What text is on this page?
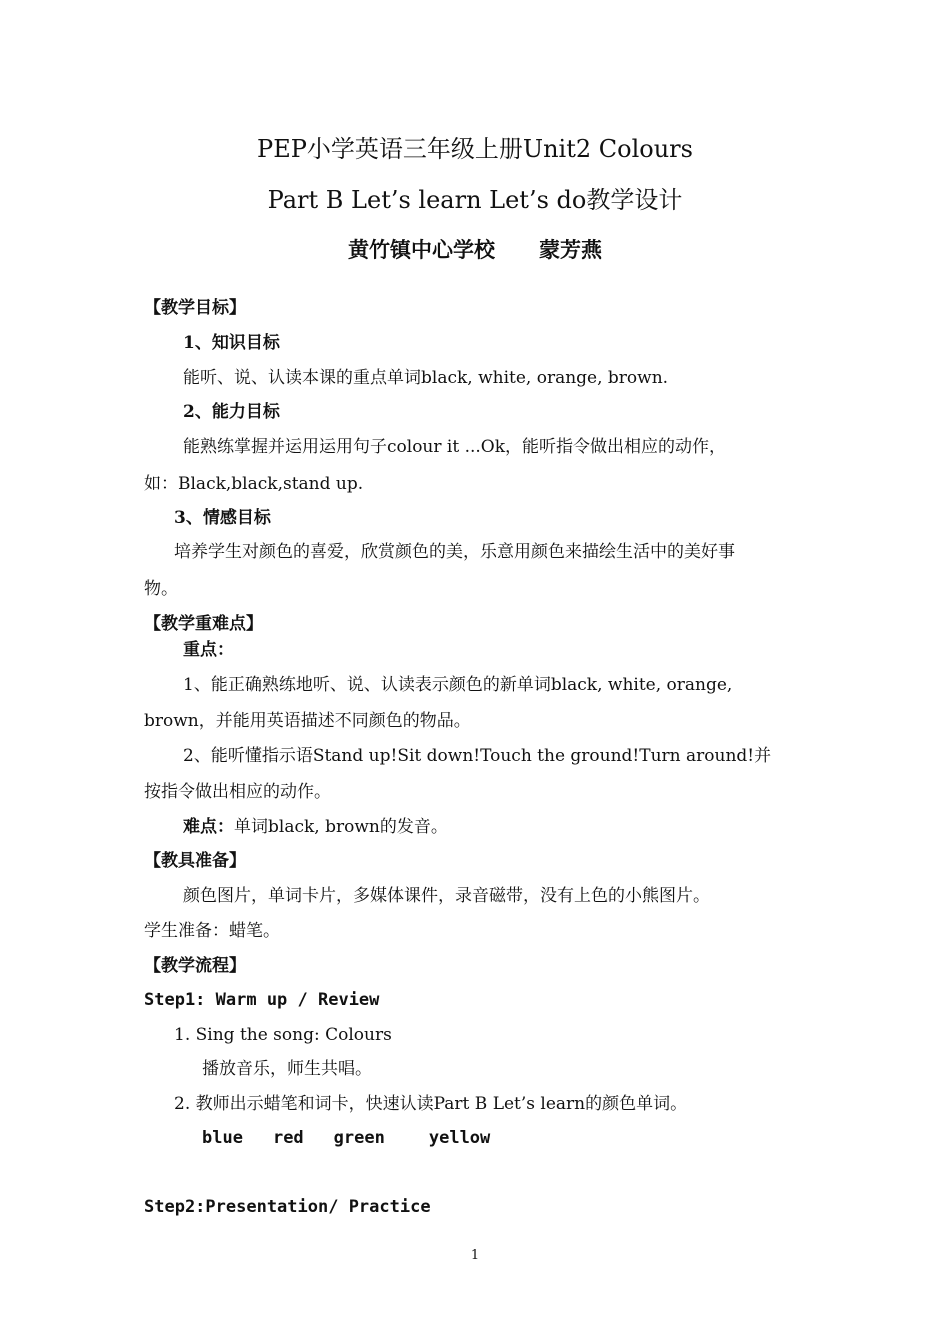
PEP小学英语三年级上册Unit2 Colours
Part B Let’s learn Let’s do教学设计
黄竹镇中心学校 蒙芳燕
【教学目标】
1、知识目标
能听、说、认读本课的重点单词black, white, orange, brown.
2、能力目标
能熟练掌握并运用运用句子colour it ...Ok，能听指令做出相应的动作，
如：Black,black,stand up.
3、情感目标
培养学生对颜色的喜爱，欣赏颜色的美，乐意用颜色来描绘生活中的美好事
物。
【教学重难点】
重点：
1、能正确熟练地听、说、认读表示颜色的新单词black, white, orange,
brown，并能用英语描述不同颜色的物品。
2、能听懂指示语Stand up!Sit down!Touch the ground!Turn around!并
按指令做出相应的动作。
难点：单词black, brown的发音。
【教具准备】
颜色图片，单词卡片，多媒体课件，录音磁带，没有上色的小熊图片。
学生准备：蜡笔。
【教学流程】
Step1: Warm up / Review
1. Sing the song: Colours
播放音乐，师生共唱。
2. 教师出示蜡笔和词卡，快速认读Part B Let’s learn的颜色单词。
blue red green	yellow
Step2:Presentation/ Practice
1
